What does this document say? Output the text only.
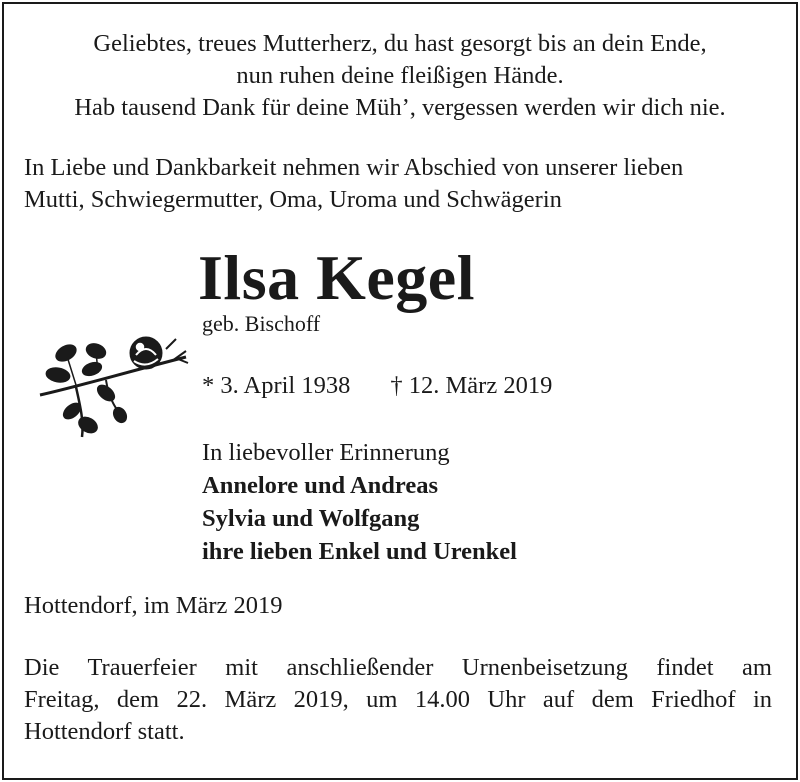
Geliebtes, treues Mutterherz, du hast gesorgt bis an dein Ende,
nun ruhen deine fleißigen Hände.
Hab tausend Dank für deine Müh’, vergessen werden wir dich nie.
In Liebe und Dankbarkeit nehmen wir Abschied von unserer lieben
Mutti, Schwiegermutter, Oma, Uroma und Schwägerin
Ilsa Kegel
geb. Bischoff
* 3. April 1938 † 12. März 2019
In liebevoller Erinnerung
Annelore und Andreas
Sylvia und Wolfgang
ihre lieben Enkel und Urenkel
Hottendorf, im März 2019
Die Trauerfeier mit anschließender Urnenbeisetzung findet am
Freitag, dem 22. März 2019, um 14.00 Uhr auf dem Friedhof in
Hottendorf statt.
